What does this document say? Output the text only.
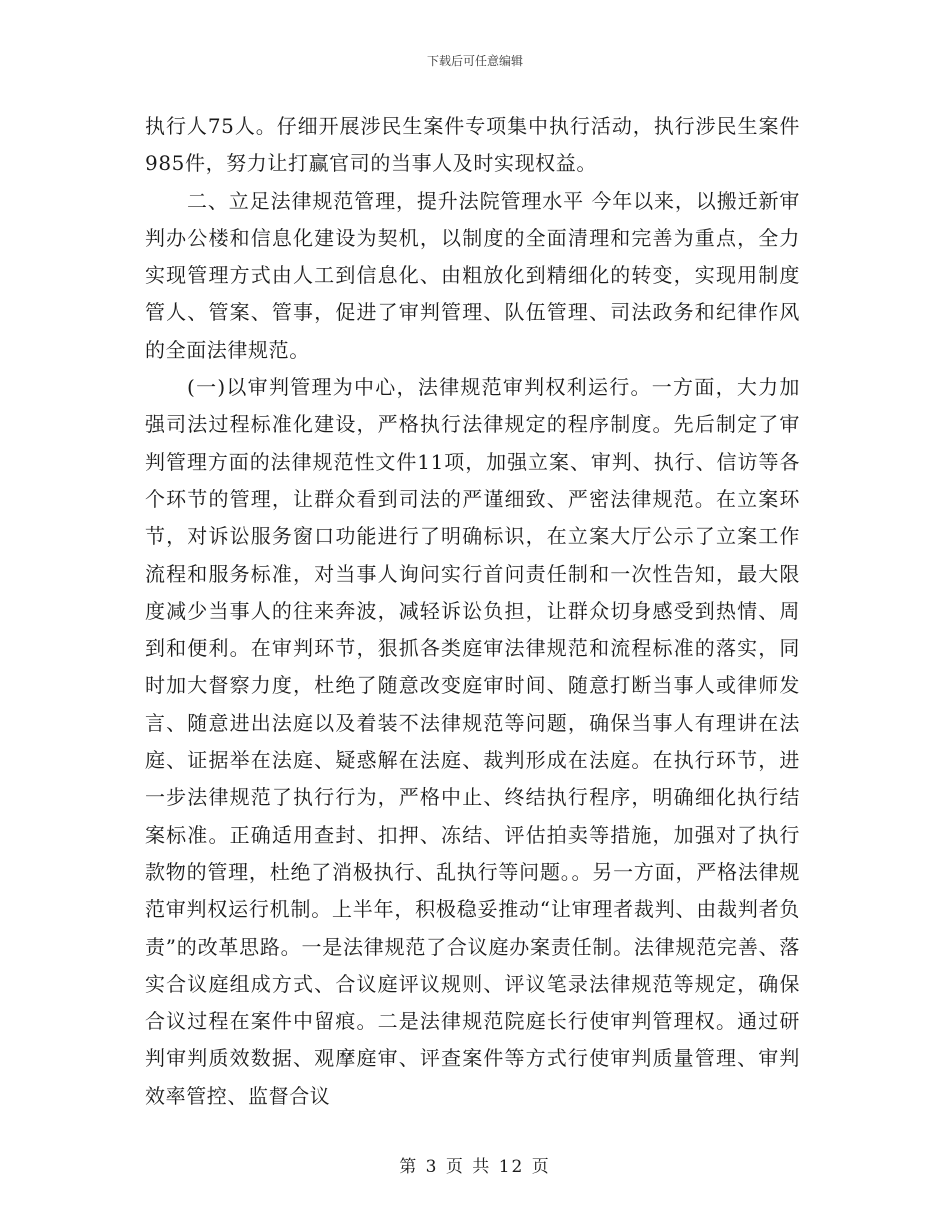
下载后可任意编辑

执行人75人。仔细开展涉民生案件专项集中执行活动，执行涉民生案件985件，努力让打赢官司的当事人及时实现权益。

二、立足法律规范管理，提升法院管理水平 今年以来，以搬迁新审判办公楼和信息化建设为契机，以制度的全面清理和完善为重点，全力实现管理方式由人工到信息化、由粗放化到精细化的转变，实现用制度管人、管案、管事，促进了审判管理、队伍管理、司法政务和纪律作风的全面法律规范。

(一)以审判管理为中心，法律规范审判权利运行。一方面，大力加强司法过程标准化建设，严格执行法律规定的程序制度。先后制定了审判管理方面的法律规范性文件11项，加强立案、审判、执行、信访等各个环节的管理，让群众看到司法的严谨细致、严密法律规范。在立案环节，对诉讼服务窗口功能进行了明确标识，在立案大厅公示了立案工作流程和服务标准，对当事人询问实行首问责任制和一次性告知，最大限度减少当事人的往来奔波，减轻诉讼负担，让群众切身感受到热情、周到和便利。在审判环节，狠抓各类庭审法律规范和流程标准的落实，同时加大督察力度，杜绝了随意改变庭审时间、随意打断当事人或律师发言、随意进出法庭以及着装不法律规范等问题，确保当事人有理讲在法庭、证据举在法庭、疑惑解在法庭、裁判形成在法庭。在执行环节，进一步法律规范了执行行为，严格中止、终结执行程序，明确细化执行结案标准。正确适用查封、扣押、冻结、评估拍卖等措施，加强对了执行款物的管理，杜绝了消极执行、乱执行等问题。。另一方面，严格法律规范审判权运行机制。上半年，积极稳妥推动“让审理者裁判、由裁判者负责”的改革思路。一是法律规范了合议庭办案责任制。法律规范完善、落实合议庭组成方式、合议庭评议规则、评议笔录法律规范等规定，确保合议过程在案件中留痕。二是法律规范院庭长行使审判管理权。通过研判审判质效数据、观摩庭审、评查案件等方式行使审判质量管理、审判效率管控、监督合议

第 3 页 共 12 页
